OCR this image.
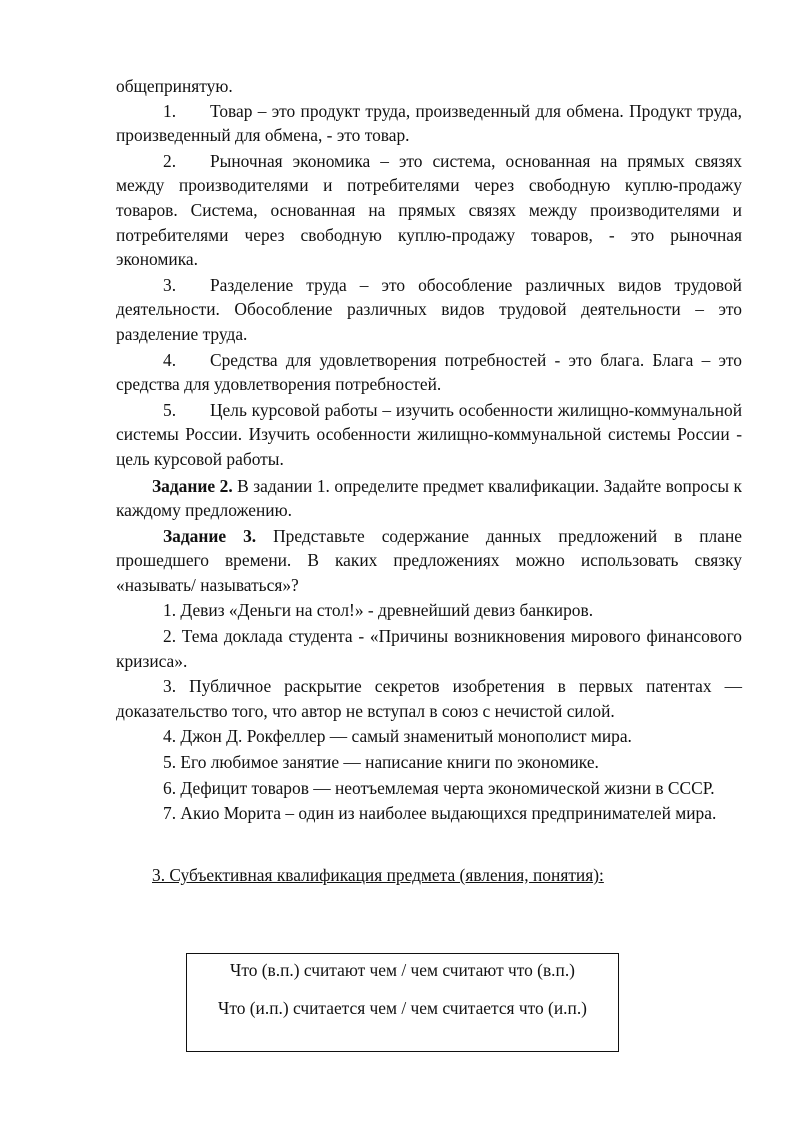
общепринятую.

1. Товар – это продукт труда, произведенный для обмена. Продукт труда, произведенный для обмена, - это товар.

2. Рыночная экономика – это система, основанная на прямых связях между производителями и потребителями через свободную куплю-продажу товаров. Система, основанная на прямых связях между производителями и потребителями через свободную куплю-продажу товаров, - это рыночная экономика.

3. Разделение труда – это обособление различных видов трудовой деятельности. Обособление различных видов трудовой деятельности – это разделение труда.

4. Средства для удовлетворения потребностей - это блага. Блага – это средства для удовлетворения потребностей.

5. Цель курсовой работы – изучить особенности жилищно-коммунальной системы России. Изучить особенности жилищно-коммунальной системы России - цель курсовой работы.

Задание 2. В задании 1. определите предмет квалификации. Задайте вопросы к каждому предложению.

Задание 3. Представьте содержание данных предложений в плане прошедшего времени. В каких предложениях можно использовать связку «называть/ называться»?

1. Девиз «Деньги на стол!» - древнейший девиз банкиров.

2. Тема доклада студента - «Причины возникновения мирового финансового кризиса».

3. Публичное раскрытие секретов изобретения в первых патентах — доказательство того, что автор не вступал в союз с нечистой силой.

4. Джон Д. Рокфеллер — самый знаменитый монополист мира.

5. Его любимое занятие — написание книги по экономике.

6. Дефицит товаров — неотъемлемая черта экономической жизни в СССР.

7. Акио Морита – один из наиболее выдающихся предпринимателей мира.

3. Субъективная квалификация предмета (явления, понятия):

Что (в.п.) считают чем / чем считают что (в.п.)
Что (и.п.) считается чем / чем считается что (и.п.)
